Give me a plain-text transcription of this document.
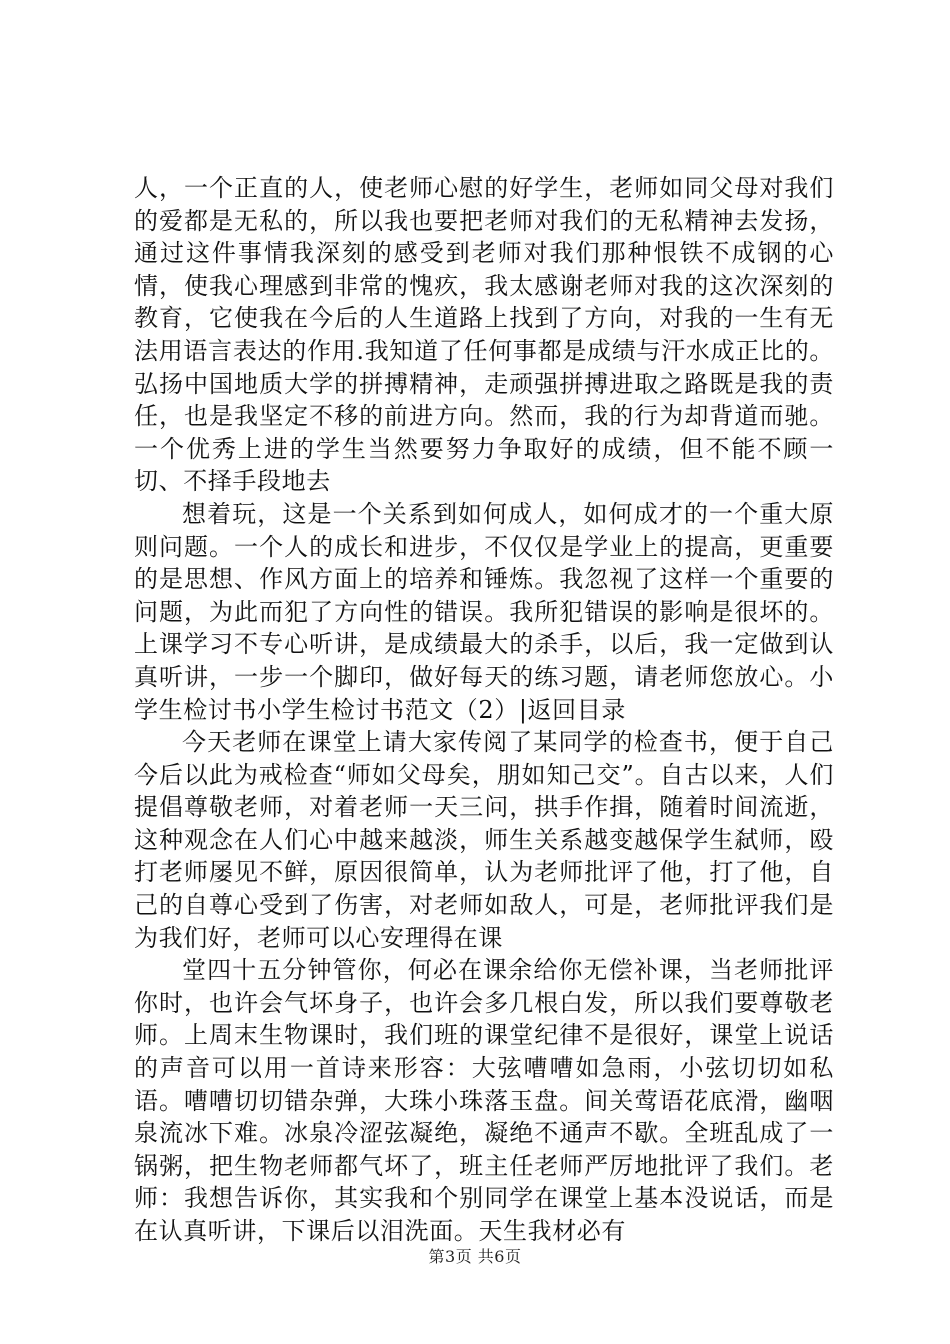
人，一个正直的人，使老师心慰的好学生，老师如同父母对我们的爱都是无私的，所以我也要把老师对我们的无私精神去发扬，通过这件事情我深刻的感受到老师对我们那种恨铁不成钢的心情，使我心理感到非常的愧疚，我太感谢老师对我的这次深刻的教育，它使我在今后的人生道路上找到了方向，对我的一生有无法用语言表达的作用.我知道了任何事都是成绩与汗水成正比的。弘扬中国地质大学的拼搏精神，走顽强拼搏进取之路既是我的责任，也是我坚定不移的前进方向。然而，我的行为却背道而驰。一个优秀上进的学生当然要努力争取好的成绩，但不能不顾一切、不择手段地去

想着玩，这是一个关系到如何成人，如何成才的一个重大原则问题。一个人的成长和进步，不仅仅是学业上的提高，更重要的是思想、作风方面上的培养和锤炼。我忽视了这样一个重要的问题，为此而犯了方向性的错误。我所犯错误的影响是很坏的。上课学习不专心听讲，是成绩最大的杀手，以后，我一定做到认真听讲，一步一个脚印，做好每天的练习题，请老师您放心。小学生检讨书小学生检讨书范文（2）|返回目录

今天老师在课堂上请大家传阅了某同学的检查书，便于自己今后以此为戒检查“师如父母矣，朋如知己交”。自古以来，人们提倡尊敬老师，对着老师一天三问，拱手作揖，随着时间流逝，这种观念在人们心中越来越淡，师生关系越变越保学生弑师，殴打老师屡见不鲜，原因很简单，认为老师批评了他，打了他，自己的自尊心受到了伤害，对老师如敌人，可是，老师批评我们是为我们好，老师可以心安理得在课

堂四十五分钟管你，何必在课余给你无偿补课，当老师批评你时，也许会气坏身子，也许会多几根白发，所以我们要尊敬老师。上周末生物课时，我们班的课堂纪律不是很好，课堂上说话的声音可以用一首诗来形容：大弦嘈嘈如急雨，小弦切切如私语。嘈嘈切切错杂弹，大珠小珠落玉盘。间关莺语花底滑，幽咽泉流冰下难。冰泉冷涩弦凝绝，凝绝不通声不歇。全班乱成了一锅粥，把生物老师都气坏了，班主任老师严厉地批评了我们。老师：我想告诉你，其实我和个别同学在课堂上基本没说话，而是在认真听讲，下课后以泪洗面。天生我材必有

第3页 共6页
